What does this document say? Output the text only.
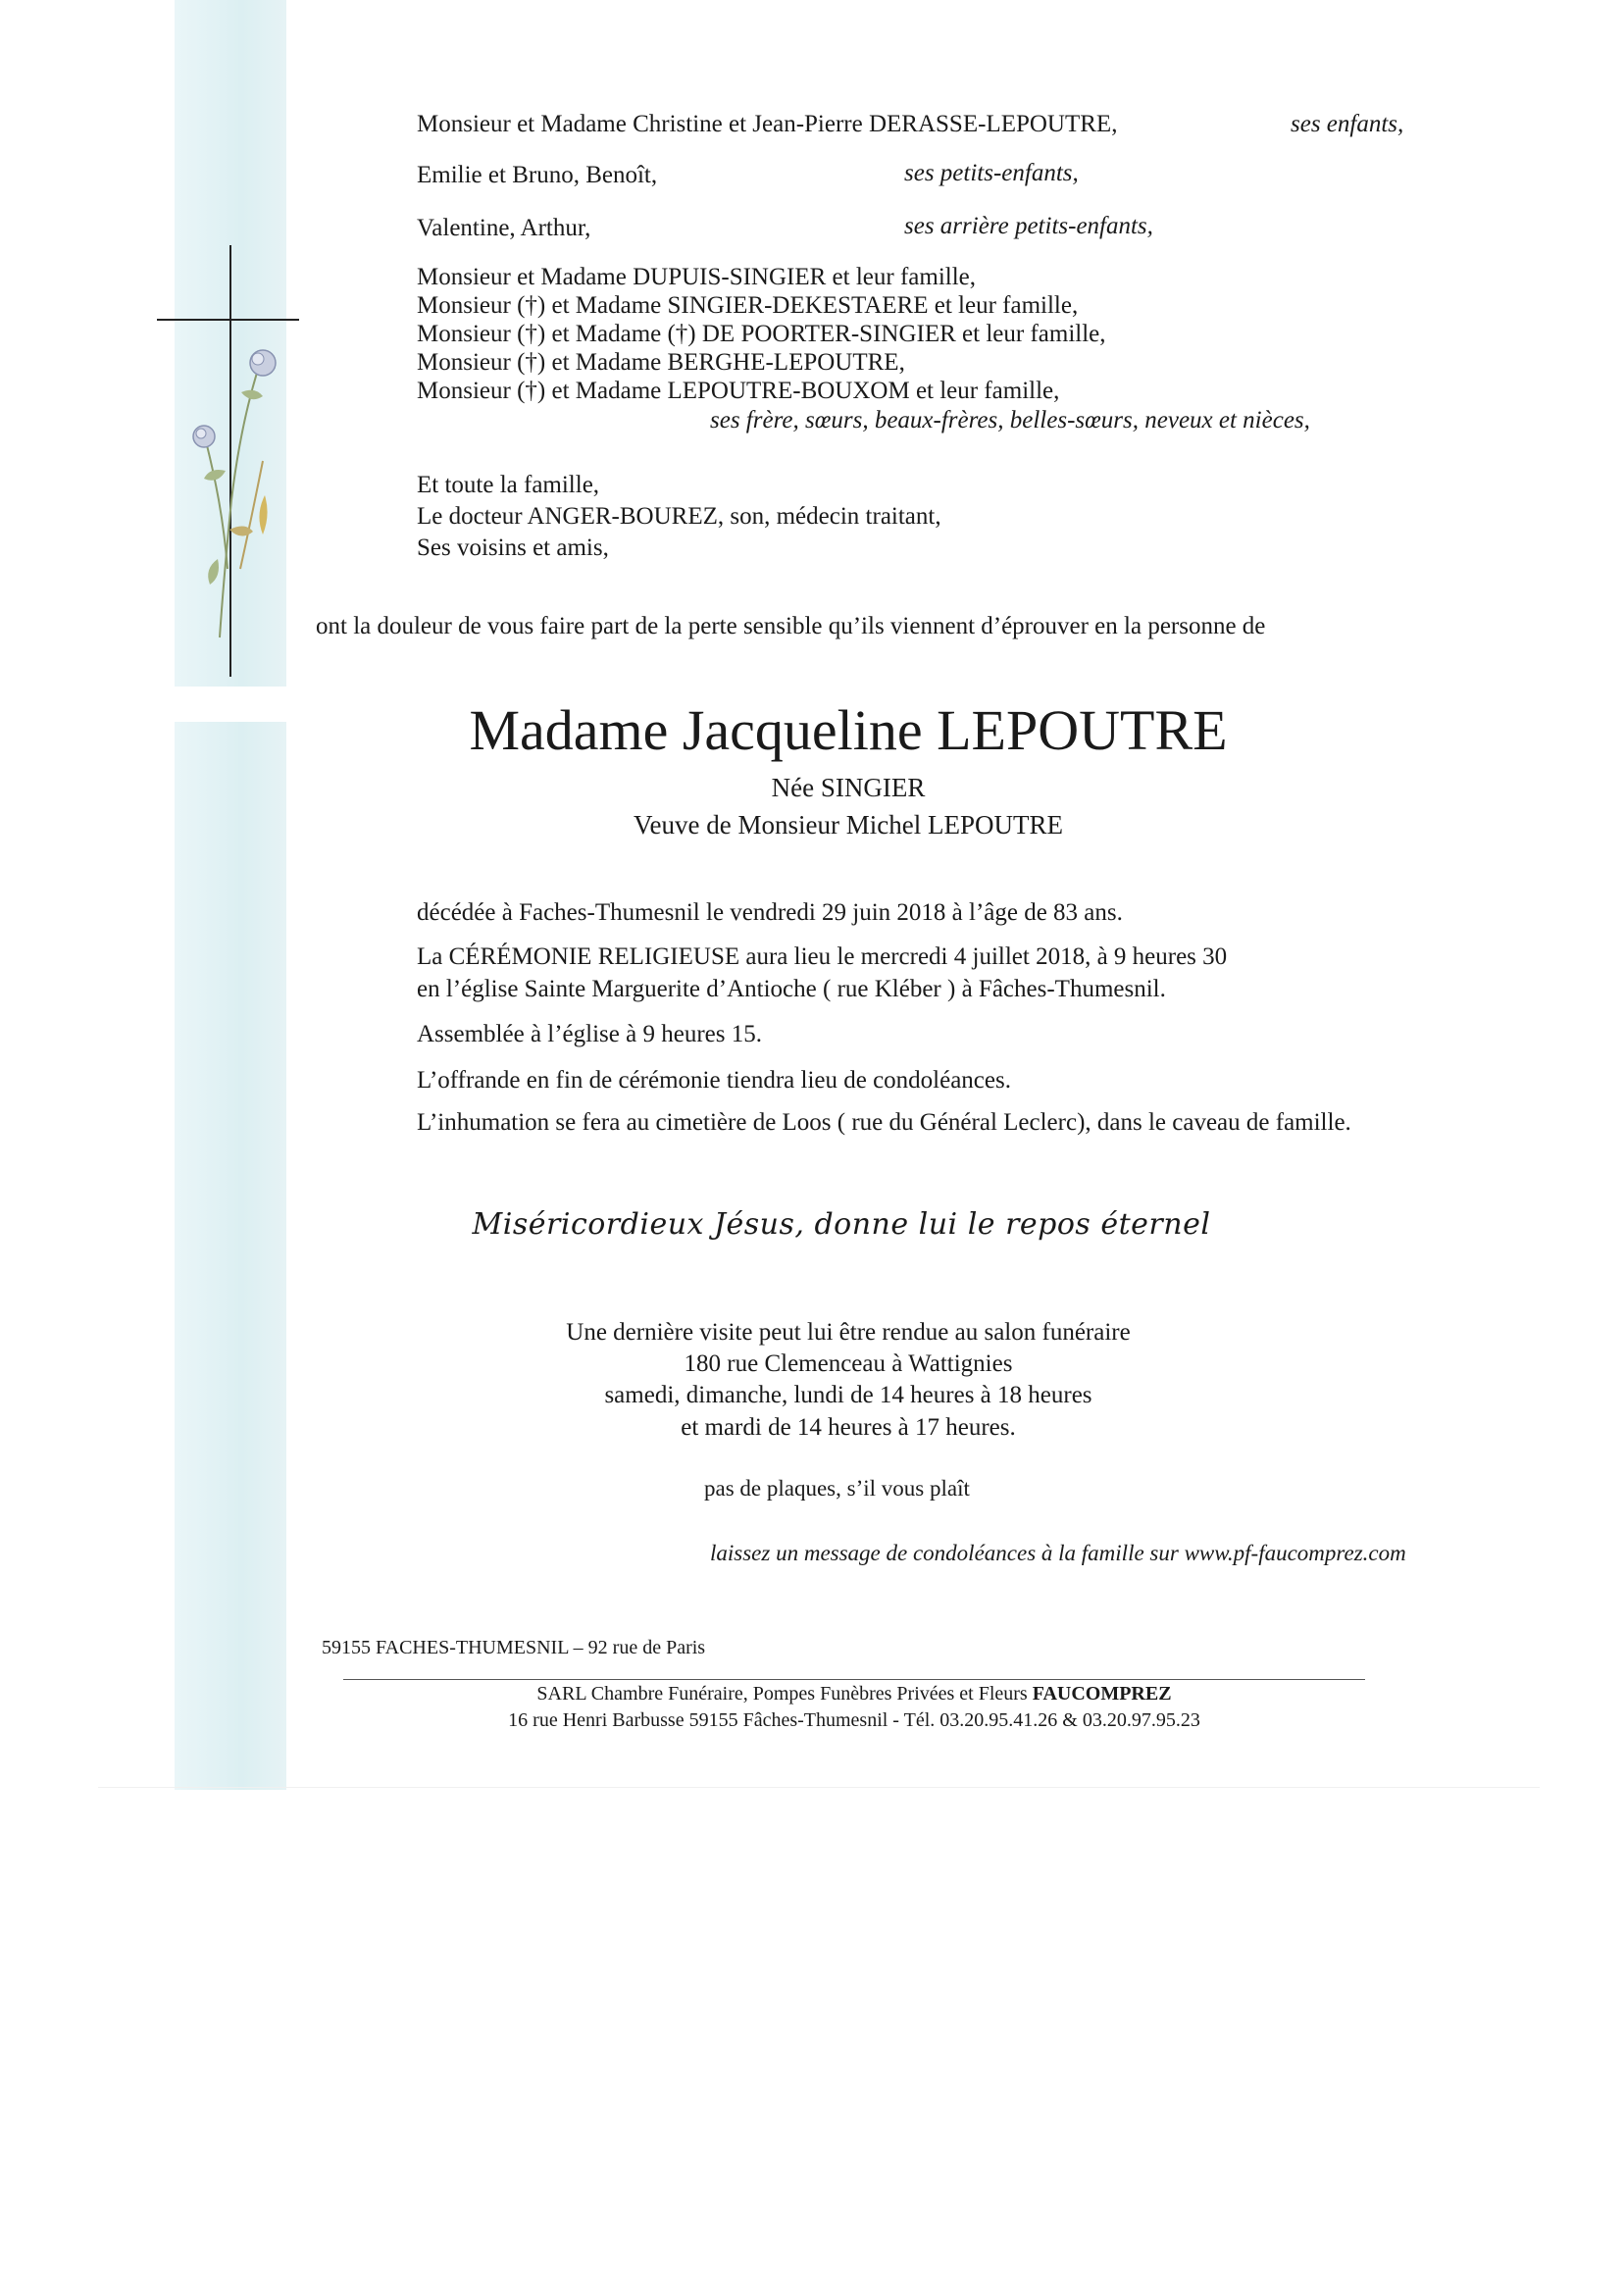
Monsieur et Madame Christine et Jean-Pierre DERASSE-LEPOUTRE,	ses enfants,
Emilie et Bruno, Benoît,	ses petits-enfants,
Valentine, Arthur,	ses arrière petits-enfants,
Monsieur et Madame DUPUIS-SINGIER et leur famille,
Monsieur (†) et Madame SINGIER-DEKESTAERE et leur famille,
Monsieur (†) et Madame (†) DE POORTER-SINGIER et leur famille,
Monsieur (†) et Madame BERGHE-LEPOUTRE,
Monsieur (†) et Madame LEPOUTRE-BOUXOM et leur famille,
ses frère, sœurs, beaux-frères, belles-sœurs, neveux et nièces,
Et toute la famille,
Le docteur ANGER-BOUREZ, son, médecin traitant,
Ses voisins et amis,
ont la douleur de vous faire part de la perte sensible qu’ils viennent d’éprouver en la personne de
Madame Jacqueline LEPOUTRE
Née SINGIER
Veuve de Monsieur Michel LEPOUTRE
décédée à Faches-Thumesnil le vendredi 29 juin 2018 à l’âge de 83 ans.
La CÉRÉMONIE RELIGIEUSE aura lieu le mercredi 4 juillet 2018, à 9 heures 30
en l’église Sainte Marguerite d’Antioche ( rue Kléber ) à Fâches-Thumesnil.
Assemblée à l’église à 9 heures 15.
L’offrande en fin de cérémonie tiendra lieu de condoléances.
L’inhumation se fera au cimetière de Loos ( rue du Général Leclerc), dans le caveau de famille.
Miséricordieux Jésus, donne lui le repos éternel
Une dernière visite peut lui être rendue au salon funéraire
180 rue Clemenceau à Wattignies
samedi, dimanche, lundi de 14 heures à 18 heures
et mardi de 14 heures à 17 heures.
pas de plaques, s’il vous plaît
laissez un message de condoléances à la famille sur www.pf-faucomprez.com
59155 FACHES-THUMESNIL – 92 rue de Paris
SARL Chambre Funéraire, Pompes Funèbres Privées et Fleurs FAUCOMPREZ
16 rue Henri Barbusse 59155 Fâches-Thumesnil - Tél. 03.20.95.41.26 & 03.20.97.95.23
